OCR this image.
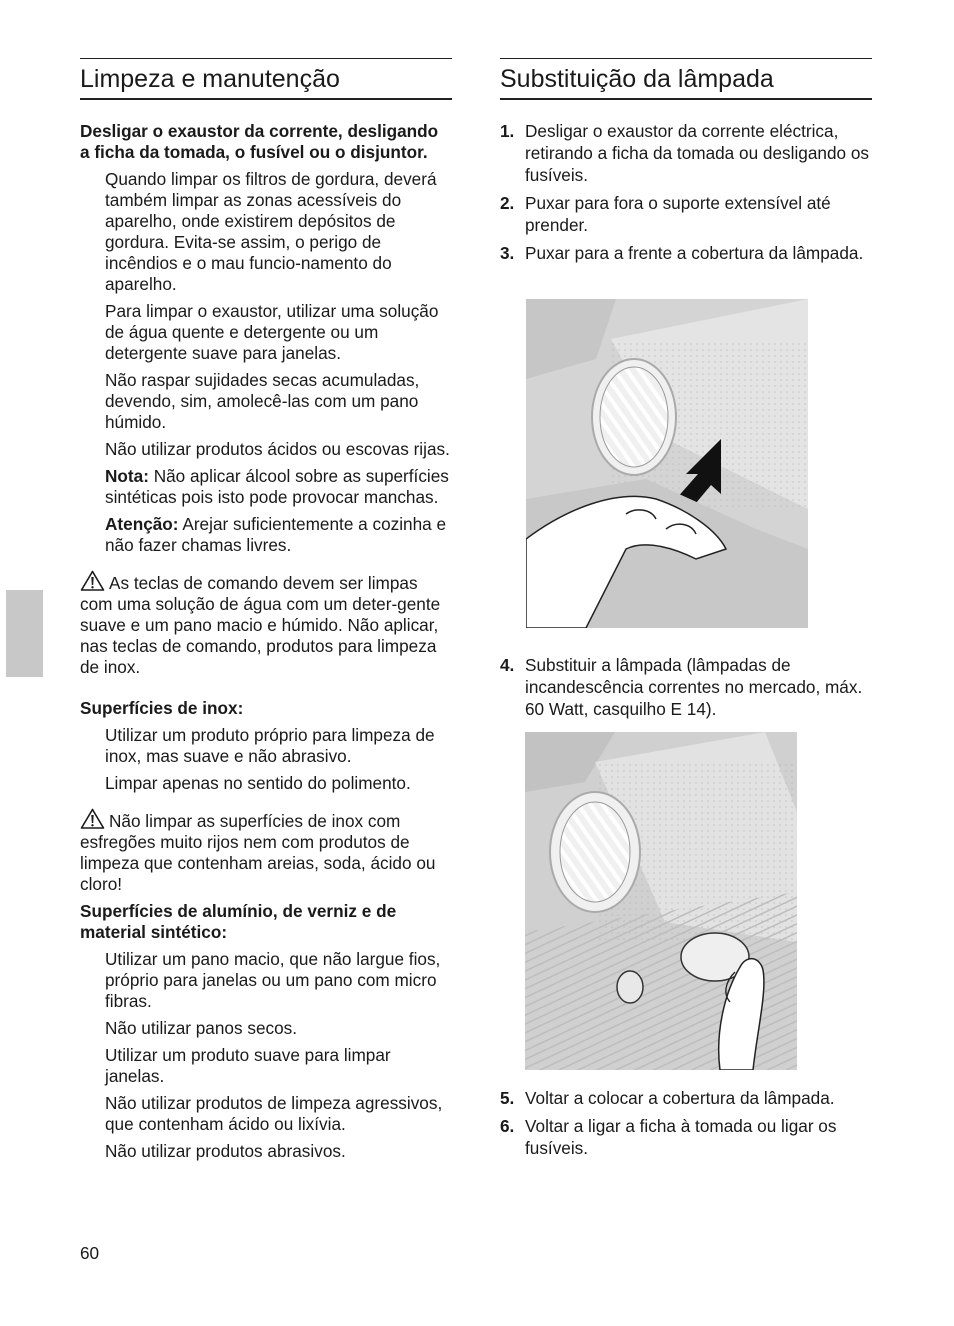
Limpeza e manutenção

Desligar o exaustor da corrente, desligando a ficha da tomada, o fusível ou o disjuntor.

Quando limpar os filtros de gordura, deverá também limpar as zonas acessíveis do aparelho, onde existirem depósitos de gordura. Evita-se assim, o perigo de incêndios e o mau funcio-namento do aparelho.

Para limpar o exaustor, utilizar uma solução de água quente e detergente ou um detergente suave para janelas.

Não raspar sujidades secas acumuladas, devendo, sim, amolecê-las com um pano húmido.

Não utilizar produtos ácidos ou escovas rijas.

Nota: Não aplicar álcool sobre as superfícies sintéticas pois isto pode provocar manchas.

Atenção: Arejar suficientemente a cozinha e não fazer chamas livres.

As teclas de comando devem ser limpas com uma solução de água com um deter-gente suave e um pano macio e húmido. Não aplicar, nas teclas de comando, produtos para limpeza de inox.

Superfícies de inox:

Utilizar um produto próprio para limpeza de inox, mas suave e não abrasivo.

Limpar apenas no sentido do polimento.

Não limpar as superfícies de inox com esfregões muito rijos nem com produtos de limpeza que contenham areias, soda, ácido ou cloro!

Superfícies de alumínio, de verniz e de material sintético:

Utilizar um pano macio, que não largue fios, próprio para janelas ou um pano com micro fibras.

Não utilizar panos secos.

Utilizar um produto suave para limpar janelas.

Não utilizar produtos de limpeza agressivos, que contenham ácido ou lixívia.

Não utilizar produtos abrasivos.

Substituição da lâmpada
1. Desligar o exaustor da corrente eléctrica, retirando a ficha da tomada ou desligando os fusíveis.
2. Puxar para fora o suporte extensível até prender.
3. Puxar para a frente a cobertura da lâmpada.
4. Substituir a lâmpada (lâmpadas de incandescência correntes no mercado, máx. 60 Watt, casquilho E 14).
5. Voltar a colocar a cobertura da lâmpada.
6. Voltar a ligar a ficha à tomada ou ligar os fusíveis.
60
